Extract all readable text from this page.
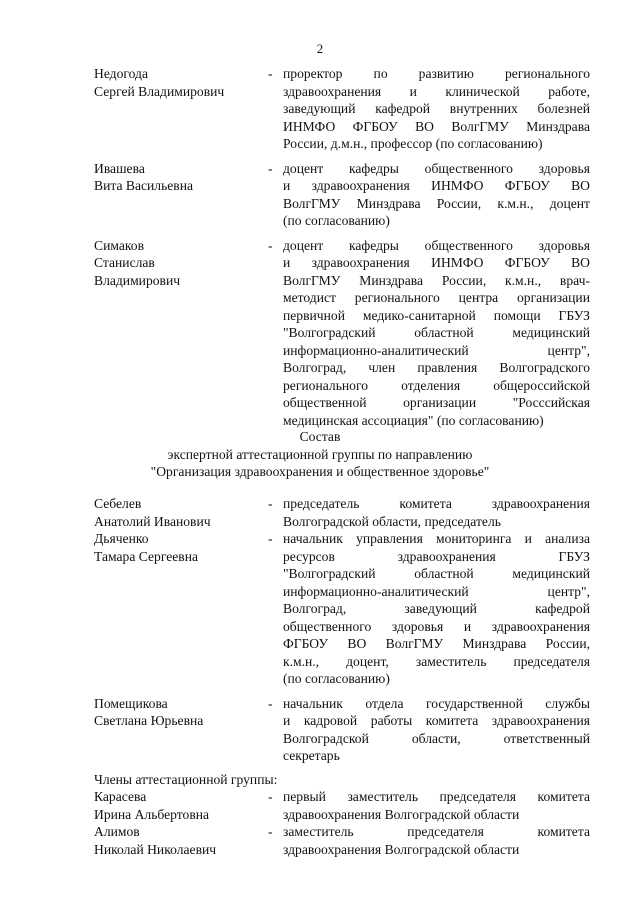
2
Недогода
Сергей Владимирович
- проректор по развитию регионального
здравоохранения и клинической работе,
заведующий кафедрой внутренних болезней
ИНМФО ФГБОУ ВО ВолгГМУ Минздрава
России, д.м.н., профессор (по согласованию)
Ивашева
Вита Васильевна
- доцент кафедры общественного здоровья
и здравоохранения ИНМФО ФГБОУ ВО
ВолгГМУ Минздрава России, к.м.н., доцент
(по согласованию)
Симаков
Станислав
Владимирович
- доцент кафедры общественного здоровья
и здравоохранения ИНМФО ФГБОУ ВО
ВолгГМУ Минздрава России, к.м.н., врач-
методист регионального центра организации
первичной медико-санитарной помощи ГБУЗ
"Волгоградский областной медицинский
информационно-аналитический центр",
Волгоград, член правления Волгоградского
регионального отделения общероссийской
общественной организации "Росссийская
медицинская ассоциация" (по согласованию)
Состав
экспертной аттестационной группы по направлению
"Организация здравоохранения и общественное здоровье"
Себелев
Анатолий Иванович
- председатель комитета здравоохранения
Волгоградской области, председатель
Дьяченко
Тамара Сергеевна
- начальник управления мониторинга и анализа
ресурсов здравоохранения ГБУЗ
"Волгоградский областной медицинский
информационно-аналитический центр",
Волгоград, заведующий кафедрой
общественного здоровья и здравоохранения
ФГБОУ ВО ВолгГМУ Минздрава России,
к.м.н., доцент, заместитель председателя
(по согласованию)
Помещикова
Светлана Юрьевна
- начальник отдела государственной службы
и кадровой работы комитета здравоохранения
Волгоградской области, ответственный
секретарь
Члены аттестационной группы:
Карасева
Ирина Альбертовна
- первый заместитель председателя комитета
здравоохранения Волгоградской области
Алимов
Николай Николаевич
- заместитель председателя комитета
здравоохранения Волгоградской области
